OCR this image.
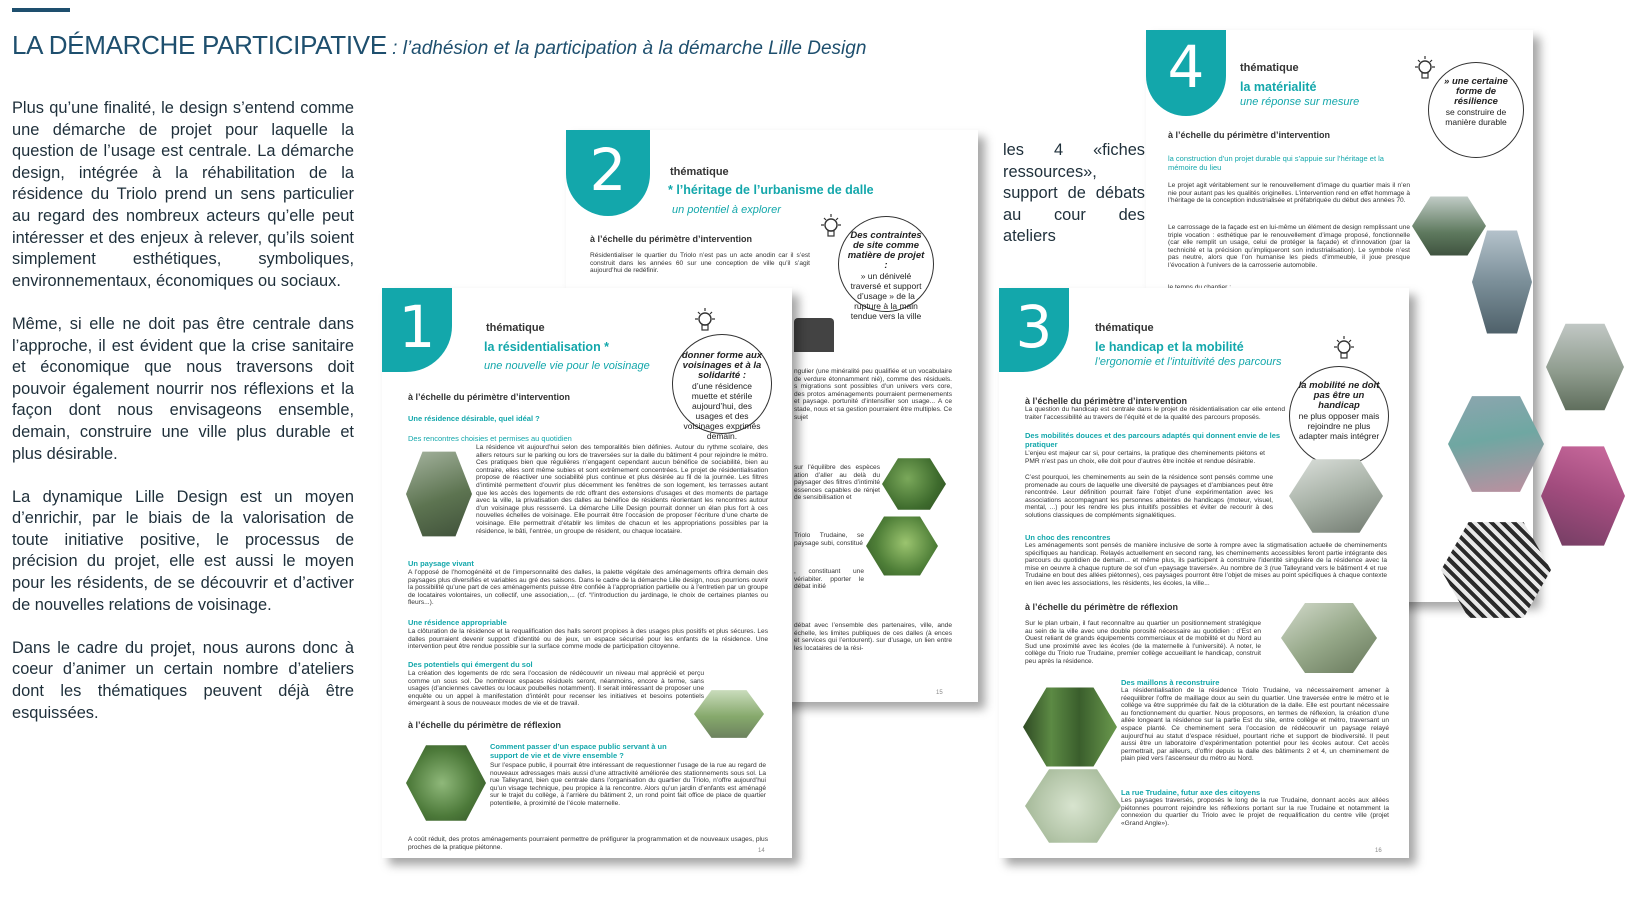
LA DÉMARCHE PARTICIPATIVE : l’adhésion et la participation à la démarche Lille Design

Plus qu’une finalité, le design s’entend comme une démarche de projet pour laquelle la question de l’usage est centrale. La démarche design, intégrée à la réhabilitation de la résidence du Triolo prend un sens particulier au regard des nombreux acteurs qu’elle peut intéresser et des enjeux à relever, qu’ils soient simplement esthétiques, symboliques, environnementaux, économiques ou sociaux.

Même, si elle ne doit pas être centrale dans l’approche, il est évident que la crise sanitaire et économique que nous traversons doit pouvoir également nourrir nos réflexions et la façon dont nous envisageons ensemble, demain, construire une ville plus durable et plus désirable.

La dynamique Lille Design est un moyen d’enrichir, par le biais de la valorisation de toute initiative positive, le processus de précision du projet, elle est aussi le moyen pour les résidents, de se découvrir et d’activer de nouvelles relations de voisinage.

Dans le cadre du projet, nous aurons donc à coeur d’animer un certain nombre d’ateliers dont les thématiques peuvent déjà être esquissées.

les 4 «fiches ressources», support de débats au cour des ateliers
2	thématique
* l’héritage de l’urbanisme de dalle
un potentiel à explorer
Des contraintes de site comme matière de projet :
» un dénivelé traversé et support d’usage » de la rupture à la main tendue vers la ville
à l’échelle du périmètre d’intervention
Résidentialiser le quartier du Triolo n’est pas un acte anodin car il s’est construit dans les années 60 sur une conception de ville qu’il s’agit aujourd’hui de redéfinir.
ngulier (une minéralité peu qualifiée et un vocabulaire de verdure étonnamment nié), comme des résiduels. s migrations sont possibles d’un univers vers core, des protos aménagements pourraient permenements et paysage. portunité d’intensifier son usage... A ce stade, nous et sa gestion pourraient être multiples. Ce sujet
sur l’équilibre des espèces ation d’aller au delà du paysager des filtres d’intimité essences capables de rénjet de sensibilisation et
Triolo Trudaine, se paysage subi, constitué
, constituant une vériabiter. pporter le débat initié
débat avec l’ensemble des partenaires, ville, ande échelle, les limites publiques de ces dalles (à ences et services qui l’entourent). sur d’usage, un lien entre les locataires de la rési-
15
1	thématique
la résidentialisation *
une nouvelle vie pour le voisinage
donner forme aux voisinages et à la solidarité :
d’une résidence muette et stérile aujourd’hui, des usages et des voisinages exprimés demain.
à l’échelle du périmètre d’intervention
Une résidence désirable, quel idéal ?
Des rencontres choisies et permises au quotidien
La résidence vit aujourd’hui selon des temporalités bien définies. Autour du rythme scolaire, des allers retours sur le parking ou lors de traversées sur la dalle du bâtiment 4 pour rejoindre le métro. Ces pratiques bien que régulières n’engagent cependant aucun bénéfice de sociabilité, bien au contraire, elles sont même subies et sont extrêmement concentrées. Le projet de résidentialisation propose de réactiver une sociabilité plus continue et plus désirée au fil de la journée. Les filtres d’intimité permettent d’ouvrir plus décemment les fenêtres de son logement, les terrasses autant que les accès des logements de rdc offrant des extensions d’usages et des moments de partage avec la ville, la privatisation des dalles au bénéfice de résidents réorientant les rencontres autour d’un voisinage plus ressserré. La démarche Lille Design pourrait donner un élan plus fort à ces nouvelles échelles de voisinage. Elle pourrait être l’occasion de proposer l’écriture d’une charte de voisinage. Elle permettrait d’établir les limites de chacun et les appropriations possibles par la résidence, le bâti, l’entrée, un groupe de résident, ou chaque locataire.
Un paysage vivant
A l’opposé de l’homogénéité et de l’impersonnalité des dalles, la palette végétale des aménagements offrira demain des paysages plus diversifiés et variables au gré des saisons. Dans le cadre de la démarche Lille design, nous pourrions ouvrir la possibilité qu’une part de ces aménagements puisse être confiée à l’appropriation partielle ou à l’entretien par un groupe de locataires volontaires, un collectif, une association,... (cf. “l’introduction du jardinage, le choix de certaines plantes ou fleurs...).
Une résidence appropriable
La clôturation de la résidence et la requalification des halls seront propices à des usages plus positifs et plus sécures. Les dalles pourraient devenir support d’identité ou de jeux, un espace sécurisé pour les enfants de la résidence. Une intervention peut être rendue possible sur la surface comme mode de participation citoyenne.
Des potentiels qui émergent du sol
La création des logements de rdc sera l’occasion de rédécouvrir un niveau mal apprécié et perçu comme un sous sol. De nombreux espaces résiduels seront, néanmoins, encore à terme, sans usages (d’anciennes cavettes ou locaux poubelles notamment). Il serait intéressant de proposer une enquête ou un appel à manifestation d’intérêt pour recenser les initiatives et besoins potentiels émergeant à sous de nouveaux modes de vie et de travail.
à l’échelle du périmètre de réflexion
Comment passer d’un espace public servant à un support de vie et de vivre ensemble ?
Sur l’espace public, il pourrait être intéressant de requestionner l’usage de la rue au regard de nouveaux adressages mais aussi d’une attractivité améliorée des stationnements sous sol. La rue Talleyrand, bien que centrale dans l’organisation du quartier du Triolo, n’offre aujourd’hui qu’un visage technique, peu propice à la rencontre. Alors qu’un jardin d’enfants est aménagé sur le trajet du collège, à l’arrière du bâtiment 2, un rond point fait office de place de quartier potentielle, à proximité de l’école maternelle.
A coût réduit, des protos aménagements pourraient permettre de préfigurer la programmation et de nouveaux usages, plus proches de la pratique piétonne.
14
4	thématique
la matérialité
une réponse sur mesure
» une certaine forme de résilience
se construire de manière durable
à l’échelle du périmètre d’intervention
la construction d’un projet durable qui s’appuie sur l’héritage et la mémoire du lieu
Le projet agit véritablement sur le renouvellement d’image du quartier mais il n’en nie pour autant pas les qualités originelles. L’intervention rend en effet hommage à l’héritage de la conception industrialisée et préfabriquée du début des années 70.
Le carrossage de la façade est en lui-même un élément de design remplissant une triple vocation : esthétique par le renouvellement d’image proposé, fonctionnelle (car elle remplit un usage, celui de protéger la façade) et d’innovation (par la technicité et la précision qu’impliqueront son industrialisation). Le symbole n’est pas neutre, alors que l’on humanise les pieds d’immeuble, il joue presque l’évocation à l’univers de la carrosserie automobile.
3	thématique
le handicap et la mobilité
l’ergonomie et l’intuitivité des parcours
la mobilité ne doit pas être un handicap
ne plus opposer mais rejoindre ne plus adapter mais intégrer
à l’échelle du périmètre d’intervention
La question du handicap est centrale dans le projet de résidentialisation car elle entend traiter l’accessibilité au travers de l’équité et de la qualité des parcours proposés.
Des mobilités douces et des parcours adaptés qui donnent envie de les pratiquer
L’enjeu est majeur car si, pour certains, la pratique des cheminements piétons et PMR n’est pas un choix, elle doit pour d’autres être incitée et rendue désirable.
C’est pourquoi, les cheminements au sein de la résidence sont pensés comme une promenade au cours de laquelle une diversité de paysages et d’ambiances peut être rencontrée. Leur définition pourrait faire l’objet d’une expérimentation avec les associations accompagnant les personnes atteintes de handicaps (moteur, visuel, mental, ...) pour les rendre les plus intuitifs possibles et éviter de recourir à des solutions classiques de compléments signalétiques.
Un choc des rencontres
Les aménagements sont pensés de manière inclusive de sorte à rompre avec la stigmatisation actuelle de cheminements spécifiques au handicap. Relayés actuellement en second rang, les cheminements accessibles feront partie intégrante des parcours du quotidien de demain... et même plus, ils participent à construire l’identité singulière de la résidence avec la mise en oeuvre à chaque rupture de sol d’un «paysage traversé». Au nombre de 3 (rue Talleyrand vers le bâtiment 4 et rue Trudaine en bout des allées piétonnes), ces paysages pourront être l’objet de mises au point spécifiques à chaque contexte en lien avec les associations, les résidents, les écoles, la ville...
à l’échelle du périmètre de réflexion
Sur le plan urbain, il faut reconnaître au quartier un positionnement stratégique au sein de la ville avec une double porosité nécessaire au quotidien : d’Est en Ouest reliant de grands équipements commerciaux et de mobilité et du Nord au Sud une proximité avec les écoles (de la maternelle à l’université). A noter, le collège du Triolo rue Trudaine, premier collège accueillant le handicap, construit peu après la résidence.
Des maillons à reconstruire
La résidentialisation de la résidence Triolo Trudaine, va nécessairement amener à réequilibrer l’offre de maillage doux au sein du quartier. Une traversée entre le métro et le collège va être supprimée du fait de la clôturation de la dalle. Elle est pourtant nécessaire au fonctionnement du quartier. Nous proposons, en termes de réflexion, la création d’une allée longeant la résidence sur la partie Est du site, entre collège et métro, traversant un espace planté. Ce cheminement sera l’occasion de rédécouvrir un paysage relayé aujourd’hui au statut d’espace résiduel, pourtant riche et support de biodiversité. Il peut aussi être un laboratoire d’expérimentation potentiel pour les écoles autour. Cet accès permettrait, par ailleurs, d’offrir depuis la dalle des bâtiments 2 et 4, un cheminement de plain pied vers l’ascenseur du métro au Nord.
La rue Trudaine, futur axe des citoyens
Les paysages traversés, proposés le long de la rue Trudaine, donnant accès aux allées piétonnes pourront rejoindre les réflexions portant sur la rue Trudaine et notamment la connexion du quartier du Triolo avec le projet de requalification du centre ville (projet «Grand Angle»).
16
